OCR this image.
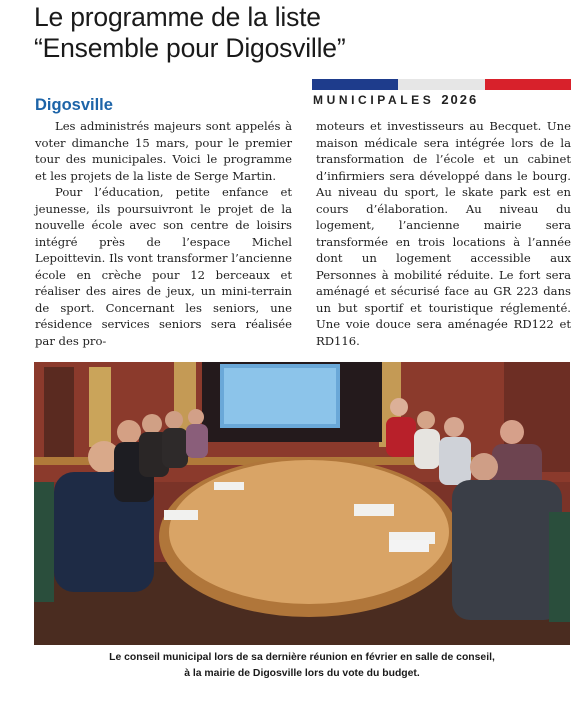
Le programme de la liste
“Ensemble pour Digosville”
MUNICIPALES 2026
Digosville

Les administrés majeurs sont appelés à voter dimanche 15 mars, pour le premier tour des municipales. Voici le programme et les projets de la liste de Serge Martin.

Pour l’éducation, petite enfance et jeunesse, ils poursuivront le projet de la nouvelle école avec son centre de loisirs intégré près de l’espace Michel Lepoittevin. Ils vont transformer l’ancienne école en crèche pour 12 berceaux et réaliser des aires de jeux, un mini-terrain de sport. Concernant les seniors, une résidence services seniors sera réalisée par des pro-

moteurs et investisseurs au Becquet. Une maison médicale sera intégrée lors de la transformation de l’école et un cabinet d’infirmiers sera développé dans le bourg. Au niveau du sport, le skate park est en cours d’élaboration. Au niveau du logement, l’ancienne mairie sera transformée en trois locations à l’année dont un logement accessible aux Personnes à mobilité réduite. Le fort sera aménagé et sécurisé face au GR 223 dans un but sportif et touristique réglementé. Une voie douce sera aménagée RD122 et RD116.

Le conseil municipal lors de sa dernière réunion en février en salle de conseil,
à la mairie de Digosville lors du vote du budget.
